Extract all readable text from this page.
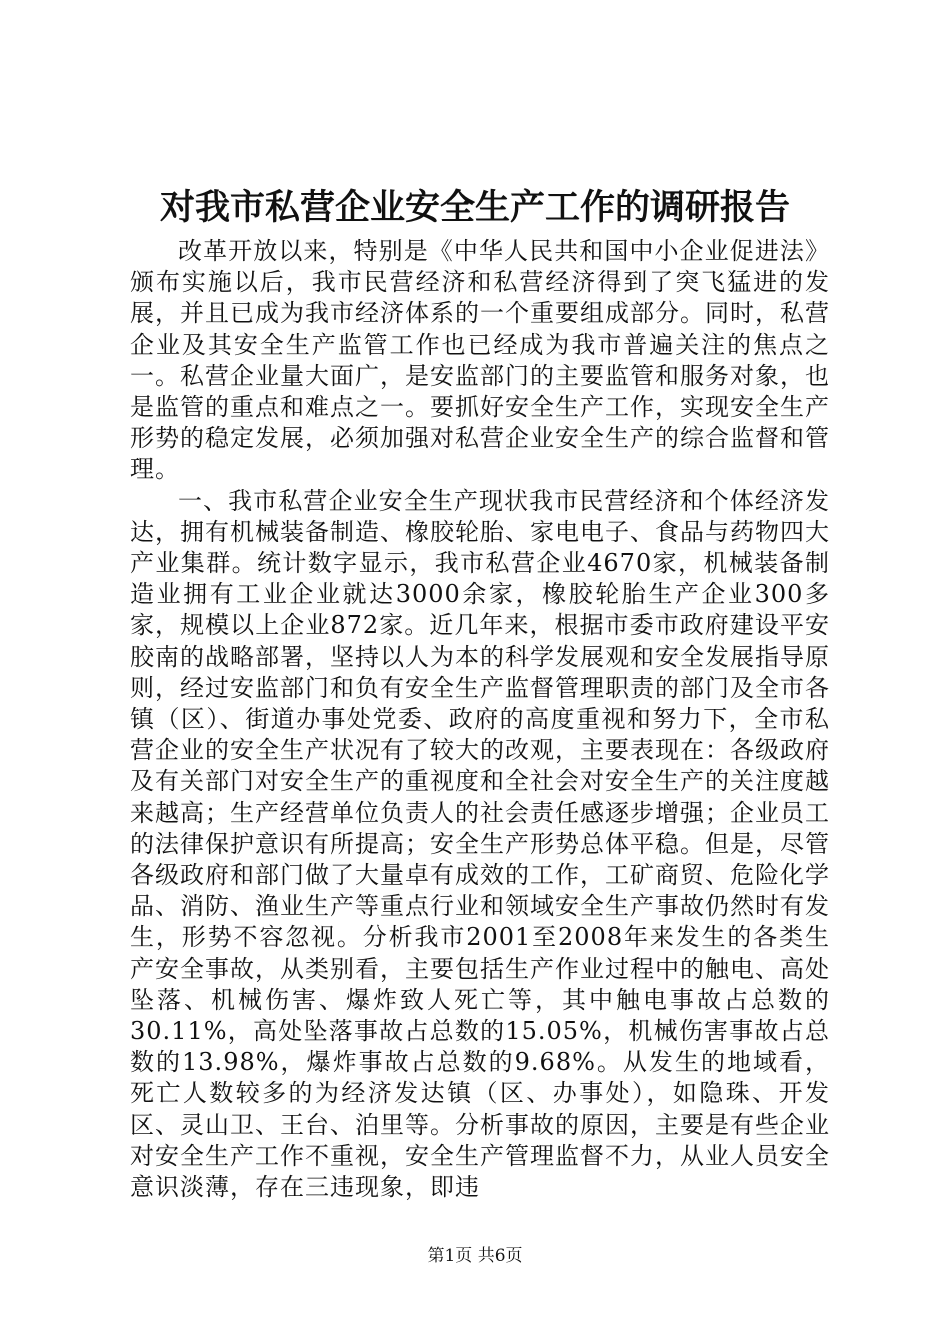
对我市私营企业安全生产工作的调研报告

改革开放以来，特别是《中华人民共和国中小企业促进法》颁布实施以后，我市民营经济和私营经济得到了突飞猛进的发展，并且已成为我市经济体系的一个重要组成部分。同时，私营企业及其安全生产监管工作也已经成为我市普遍关注的焦点之一。私营企业量大面广，是安监部门的主要监管和服务对象，也是监管的重点和难点之一。要抓好安全生产工作，实现安全生产形势的稳定发展，必须加强对私营企业安全生产的综合监督和管理。

一、我市私营企业安全生产现状我市民营经济和个体经济发达，拥有机械装备制造、橡胶轮胎、家电电子、食品与药物四大产业集群。统计数字显示，我市私营企业4670家，机械装备制造业拥有工业企业就达3000余家，橡胶轮胎生产企业300多家，规模以上企业872家。近几年来，根据市委市政府建设平安胶南的战略部署，坚持以人为本的科学发展观和安全发展指导原则，经过安监部门和负有安全生产监督管理职责的部门及全市各镇（区）、街道办事处党委、政府的高度重视和努力下，全市私营企业的安全生产状况有了较大的改观，主要表现在：各级政府及有关部门对安全生产的重视度和全社会对安全生产的关注度越来越高；生产经营单位负责人的社会责任感逐步增强；企业员工的法律保护意识有所提高；安全生产形势总体平稳。但是，尽管各级政府和部门做了大量卓有成效的工作，工矿商贸、危险化学品、消防、渔业生产等重点行业和领域安全生产事故仍然时有发生，形势不容忽视。分析我市2001至2008年来发生的各类生产安全事故，从类别看，主要包括生产作业过程中的触电、高处坠落、机械伤害、爆炸致人死亡等，其中触电事故占总数的30.11%，高处坠落事故占总数的15.05%，机械伤害事故占总数的13.98%，爆炸事故占总数的9.68%。从发生的地域看，死亡人数较多的为经济发达镇（区、办事处），如隐珠、开发区、灵山卫、王台、泊里等。分析事故的原因，主要是有些企业对安全生产工作不重视，安全生产管理监督不力，从业人员安全意识淡薄，存在三违现象，即违

第1页 共6页
